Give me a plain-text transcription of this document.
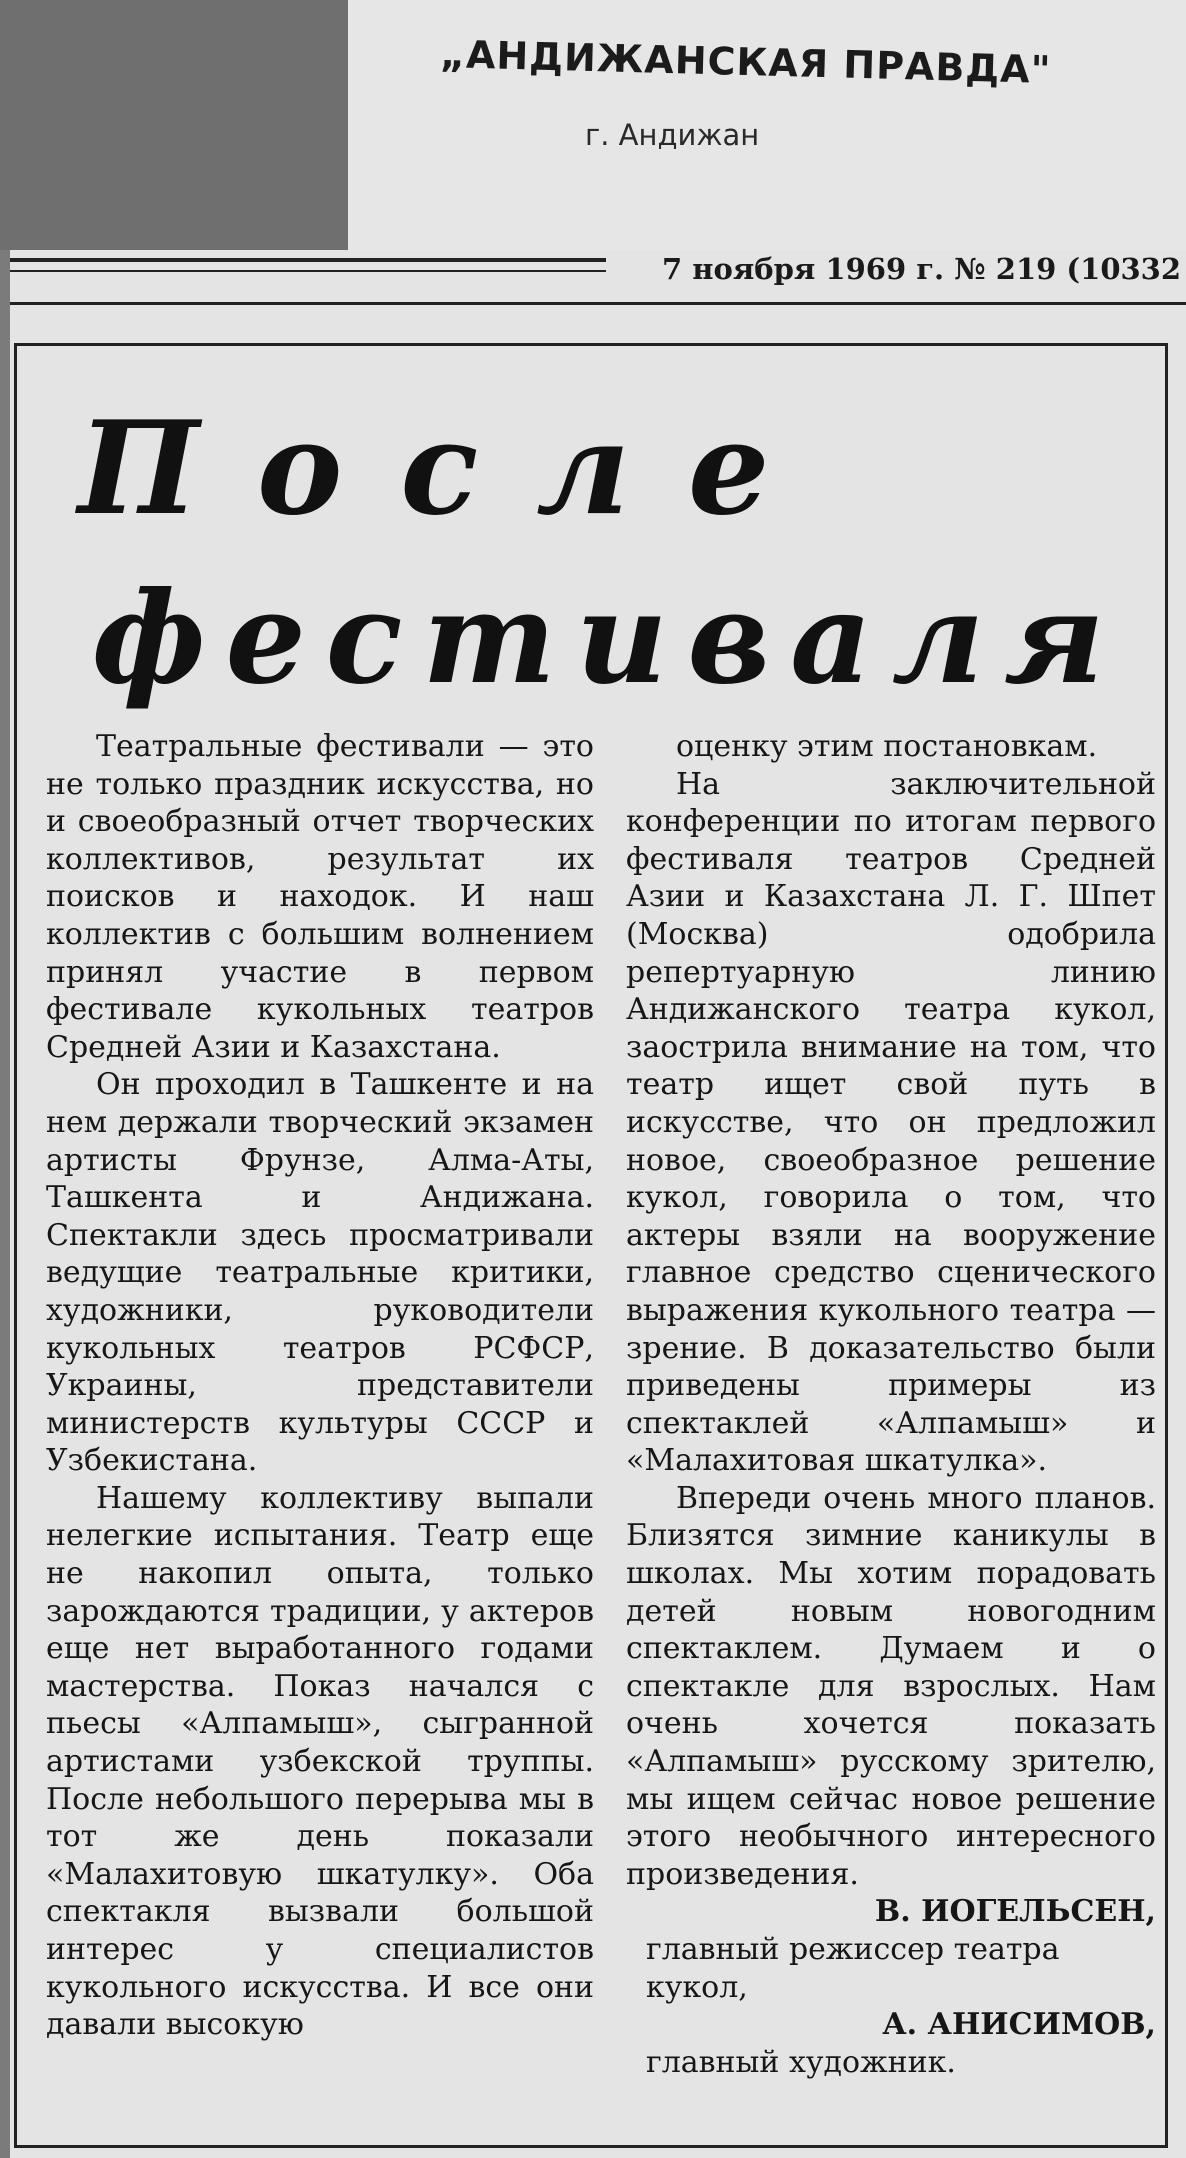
„АНДИЖАНСКАЯ ПРАВДА"
г. Андижан
7 ноября 1969 г. № 219 (10332
После
фестиваля

Театральные фестивали — это не только праздник искусства, но и своеобразный отчет творческих коллективов, результат их поисков и находок. И наш коллектив с большим волнением принял участие в первом фестивале кукольных театров Средней Азии и Казахстана.

Он проходил в Ташкенте и на нем держали творческий экзамен артисты Фрунзе, Алма-Аты, Ташкента и Андижана. Спектакли здесь просматривали ведущие театральные критики, художники, руководители кукольных театров РСФСР, Украины, представители министерств культуры СССР и Узбекистана.

Нашему коллективу выпали нелегкие испытания. Театр еще не накопил опыта, только зарождаются традиции, у актеров еще нет выработанного годами мастерства. Показ начался с пьесы «Алпамыш», сыгранной артистами узбекской труппы. После небольшого перерыва мы в тот же день показали «Малахитовую шкатулку». Оба спектакля вызвали большой интерес у специалистов кукольного искусства. И все они давали высокую

оценку этим постановкам.

На заключительной конференции по итогам первого фестиваля театров Средней Азии и Казахстана Л. Г. Шпет (Москва) одобрила репертуарную линию Андижанского театра кукол, заострила внимание на том, что театр ищет свой путь в искусстве, что он предложил новое, своеобразное решение кукол, говорила о том, что актеры взяли на вооружение главное средство сценического выражения кукольного театра — зрение. В доказательство были приведены примеры из спектаклей «Алпамыш» и «Малахитовая шкатулка».

Впереди очень много планов. Близятся зимние каникулы в школах. Мы хотим порадовать детей новым новогодним спектаклем. Думаем и о спектакле для взрослых. Нам очень хочется показать «Алпамыш» русскому зрителю, мы ищем сейчас новое решение этого необычного интересного произведения.

В. ИОГЕЛЬСЕН,

главный режиссер театра

кукол,

А. АНИСИМОВ,

главный художник.
